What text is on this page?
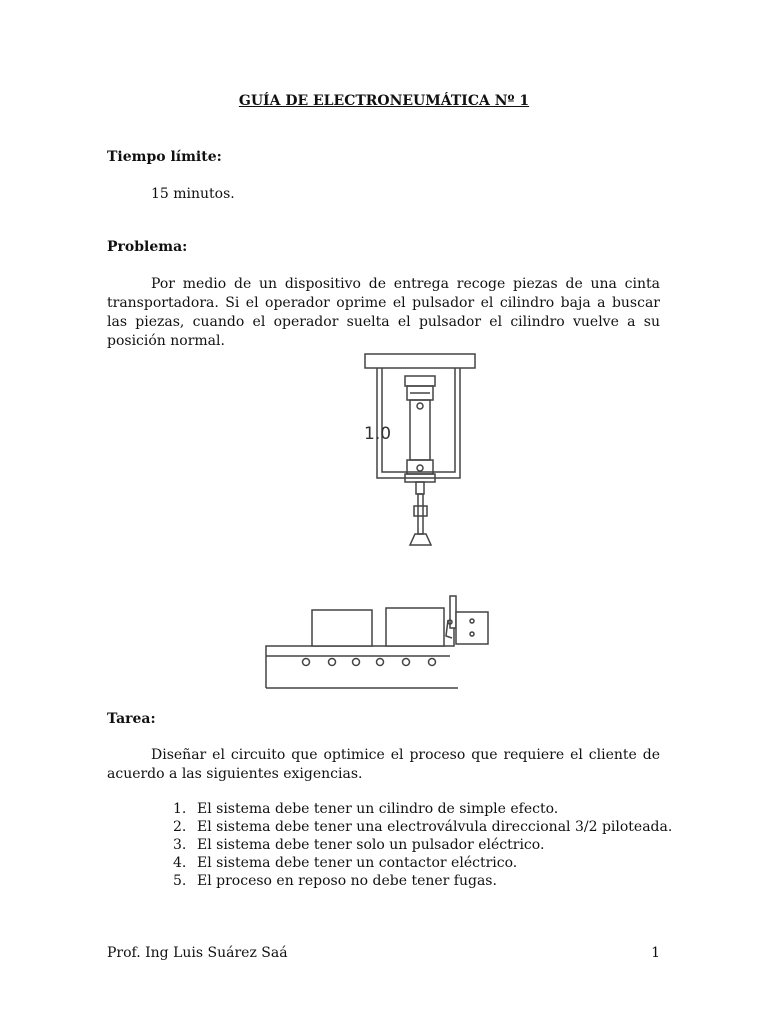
GUÍA DE ELECTRONEUMÁTICA Nº 1
Tiempo límite:
15 minutos.
Problema:
Por medio de un dispositivo de entrega recoge piezas de una cinta transportadora. Si el operador oprime el pulsador el cilindro baja a buscar las piezas, cuando el operador suelta el pulsador el cilindro vuelve a su posición normal.
1.0
Tarea:
Diseñar el circuito que optimice el proceso que requiere el cliente de acuerdo a las siguientes exigencias.
1. El sistema debe tener un cilindro de simple efecto.
2. El sistema debe tener una electroválvula direccional 3/2 piloteada.
3. El sistema debe tener solo un pulsador eléctrico.
4. El sistema debe tener un contactor eléctrico.
5. El proceso en reposo no debe tener fugas.
Prof. Ing Luis Suárez Saá	1
